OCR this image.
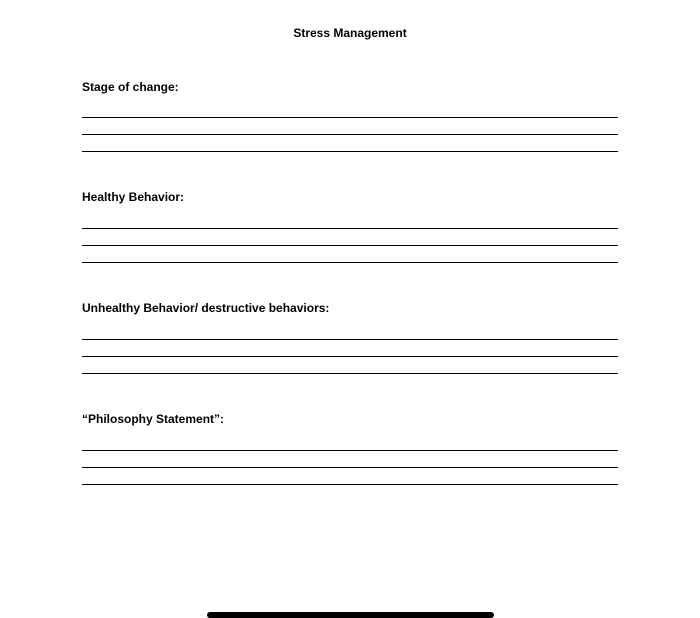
Stress Management
Stage of change:
Healthy Behavior:
Unhealthy Behavior/ destructive behaviors:
“Philosophy Statement”:
